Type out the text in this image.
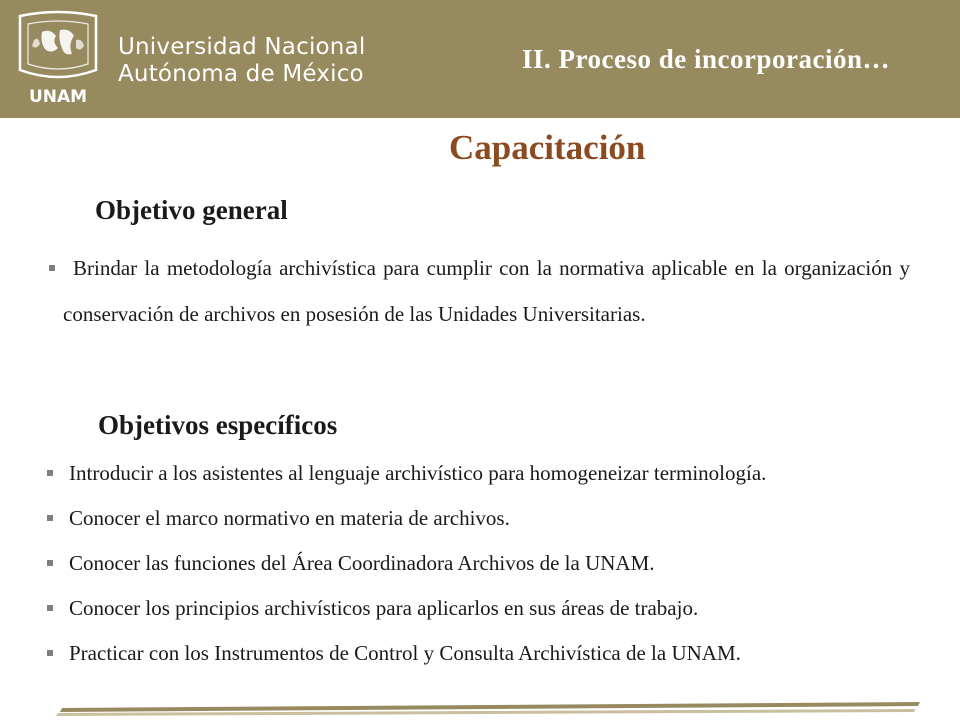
UNAM
Universidad Nacional
Autónoma de México	II. Proceso de incorporación…
Capacitación
Objetivo general
Brindar la metodología archivística para cumplir con la normativa aplicable en la organización y conservación de archivos en posesión de las Unidades Universitarias.
Objetivos específicos
Introducir a los asistentes al lenguaje archivístico para homogeneizar terminología.
Conocer el marco normativo en materia de archivos.
Conocer las funciones del Área Coordinadora Archivos de la UNAM.
Conocer los principios archivísticos para aplicarlos en sus áreas de trabajo.
Practicar con los Instrumentos de Control y Consulta Archivística de la UNAM.
